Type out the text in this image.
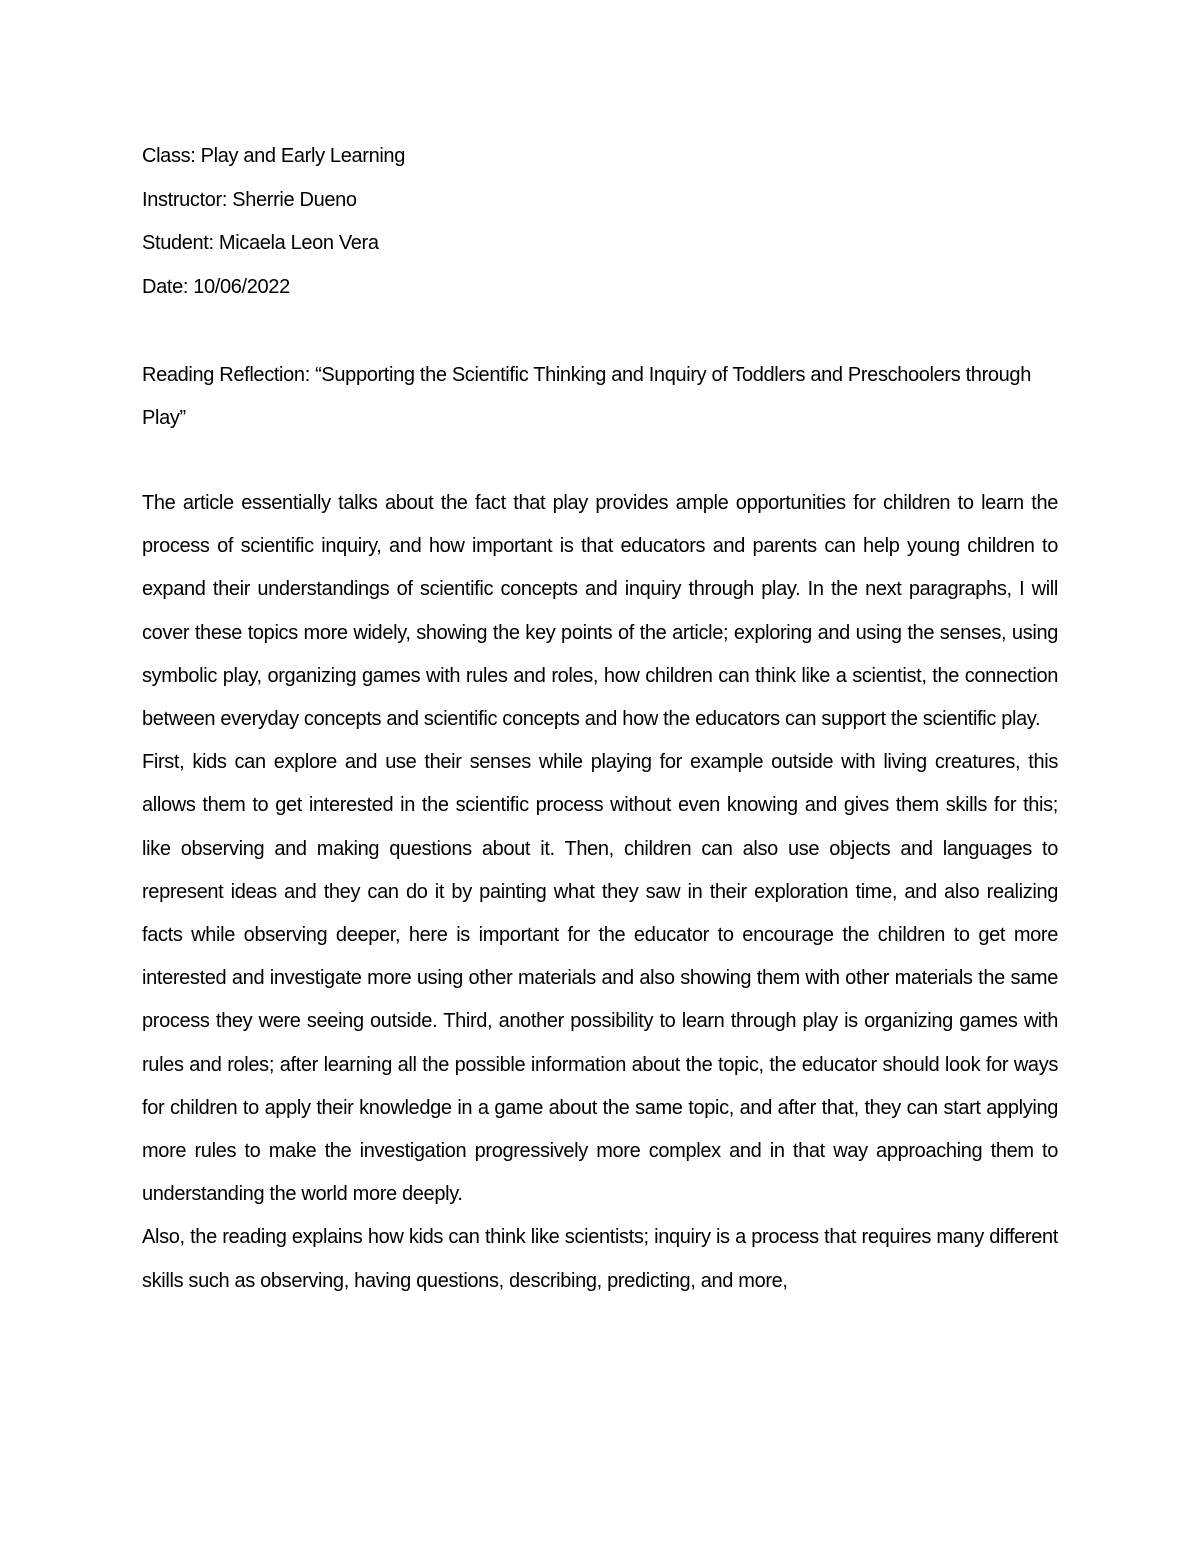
Class: Play and Early Learning
Instructor: Sherrie Dueno
Student: Micaela Leon Vera
Date: 10/06/2022
Reading Reflection: “Supporting the Scientific Thinking and Inquiry of Toddlers and Preschoolers through Play”

The article essentially talks about the fact that play provides ample opportunities for children to learn the process of scientific inquiry, and how important is that educators and parents can help young children to expand their understandings of scientific concepts and inquiry through play. In the next paragraphs, I will cover these topics more widely, showing the key points of the article; exploring and using the senses, using symbolic play, organizing games with rules and roles, how children can think like a scientist, the connection between everyday concepts and scientific concepts and how the educators can support the scientific play.

First, kids can explore and use their senses while playing for example outside with living creatures, this allows them to get interested in the scientific process without even knowing and gives them skills for this; like observing and making questions about it. Then, children can also use objects and languages to represent ideas and they can do it by painting what they saw in their exploration time, and also realizing facts while observing deeper, here is important for the educator to encourage the children to get more interested and investigate more using other materials and also showing them with other materials the same process they were seeing outside. Third, another possibility to learn through play is organizing games with rules and roles; after learning all the possible information about the topic, the educator should look for ways for children to apply their knowledge in a game about the same topic, and after that, they can start applying more rules to make the investigation progressively more complex and in that way approaching them to understanding the world more deeply.

Also, the reading explains how kids can think like scientists; inquiry is a process that requires many different skills such as observing, having questions, describing, predicting, and more,
